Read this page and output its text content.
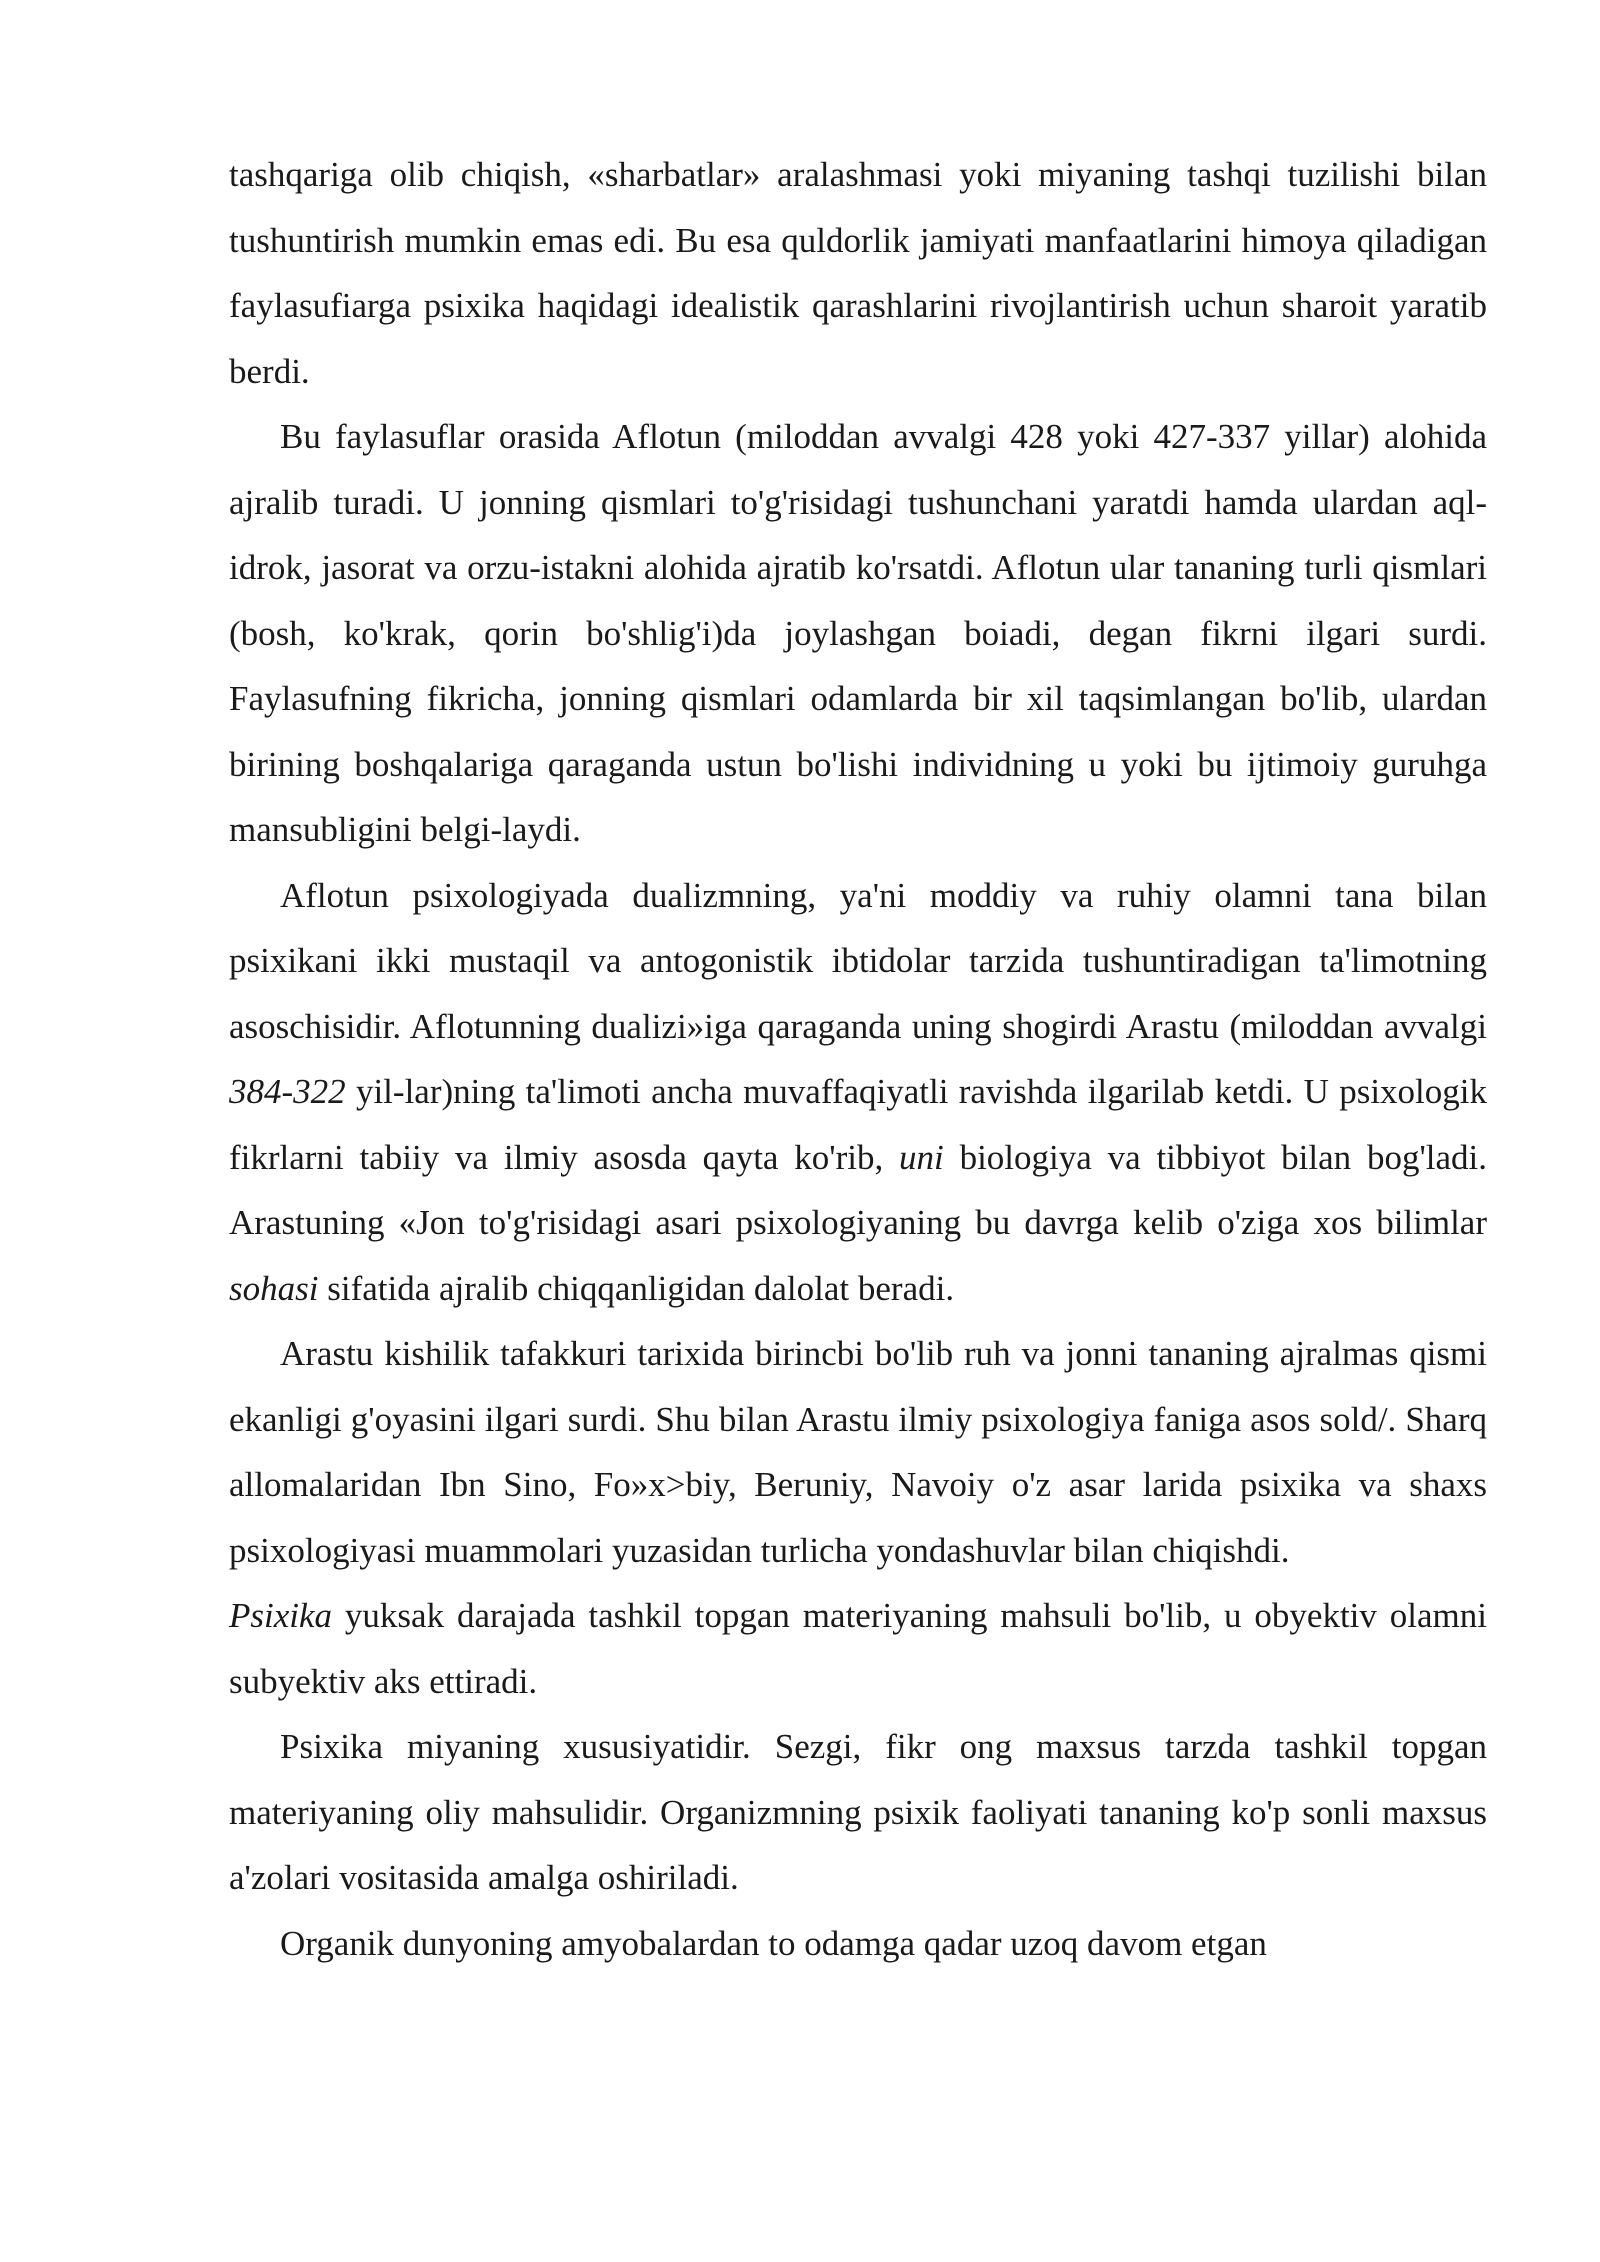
tashqariga olib chiqish, «sharbatlar» aralashmasi yoki miyaning tashqi tuzilishi bilan tushuntirish mumkin emas edi. Bu esa quldorlik jamiyati manfaatlarini himoya qiladigan faylasufiarga psixika haqidagi idealistik qarashlarini rivojlantirish uchun sharoit yaratib berdi.

Bu faylasuflar orasida Aflotun (miloddan avvalgi 428 yoki 427-337 yillar) alohida ajralib turadi. U jonning qismlari to'g'risidagi tushunchani yaratdi hamda ulardan aql-idrok, jasorat va orzu-istakni alohida ajratib ko'rsatdi. Aflotun ular tananing turli qismlari (bosh, ko'krak, qorin bo'shlig'i)da joylashgan boiadi, degan fikrni ilgari surdi. Faylasufning fikricha, jonning qismlari odamlarda bir xil taqsimlangan bo'lib, ulardan birining boshqalariga qaraganda ustun bo'lishi individning u yoki bu ijtimoiy guruhga mansubligini belgi-laydi.

Aflotun psixologiyada dualizmning, ya'ni moddiy va ruhiy olamni tana bilan psixikani ikki mustaqil va antogonistik ibtidolar tarzida tushuntiradigan ta'limotning asoschisidir. Aflotunning dualizi»iga qaraganda uning shogirdi Arastu (miloddan avvalgi 384-322 yil-lar)ning ta'limoti ancha muvaffaqiyatli ravishda ilgarilab ketdi. U psixologik fikrlarni tabiiy va ilmiy asosda qayta ko'rib, uni biologiya va tibbiyot bilan bog'ladi. Arastuning «Jon to'g'risidagi asari psixologiyaning bu davrga kelib o'ziga xos bilimlar sohasi sifatida ajralib chiqqanligidan dalolat beradi.

Arastu kishilik tafakkuri tarixida birincbi bo'lib ruh va jonni tananing ajralmas qismi ekanligi g'oyasini ilgari surdi. Shu bilan Arastu ilmiy psixologiya faniga asos sold/. Sharq allomalaridan Ibn Sino, Fo»x>biy, Beruniy, Navoiy o'z asar larida psixika va shaxs psixologiyasi muammolari yuzasidan turlicha yondashuvlar bilan chiqishdi.

Psixika yuksak darajada tashkil topgan materiyaning mahsuli bo'lib, u obyektiv olamni subyektiv aks ettiradi.

Psixika miyaning xususiyatidir. Sezgi, fikr ong maxsus tarzda tashkil topgan materiyaning oliy mahsulidir. Organizmning psixik faoliyati tananing ko'p sonli maxsus a'zolari vositasida amalga oshiriladi.

Organik dunyoning amyobalardan to odamga qadar uzoq davom etgan
